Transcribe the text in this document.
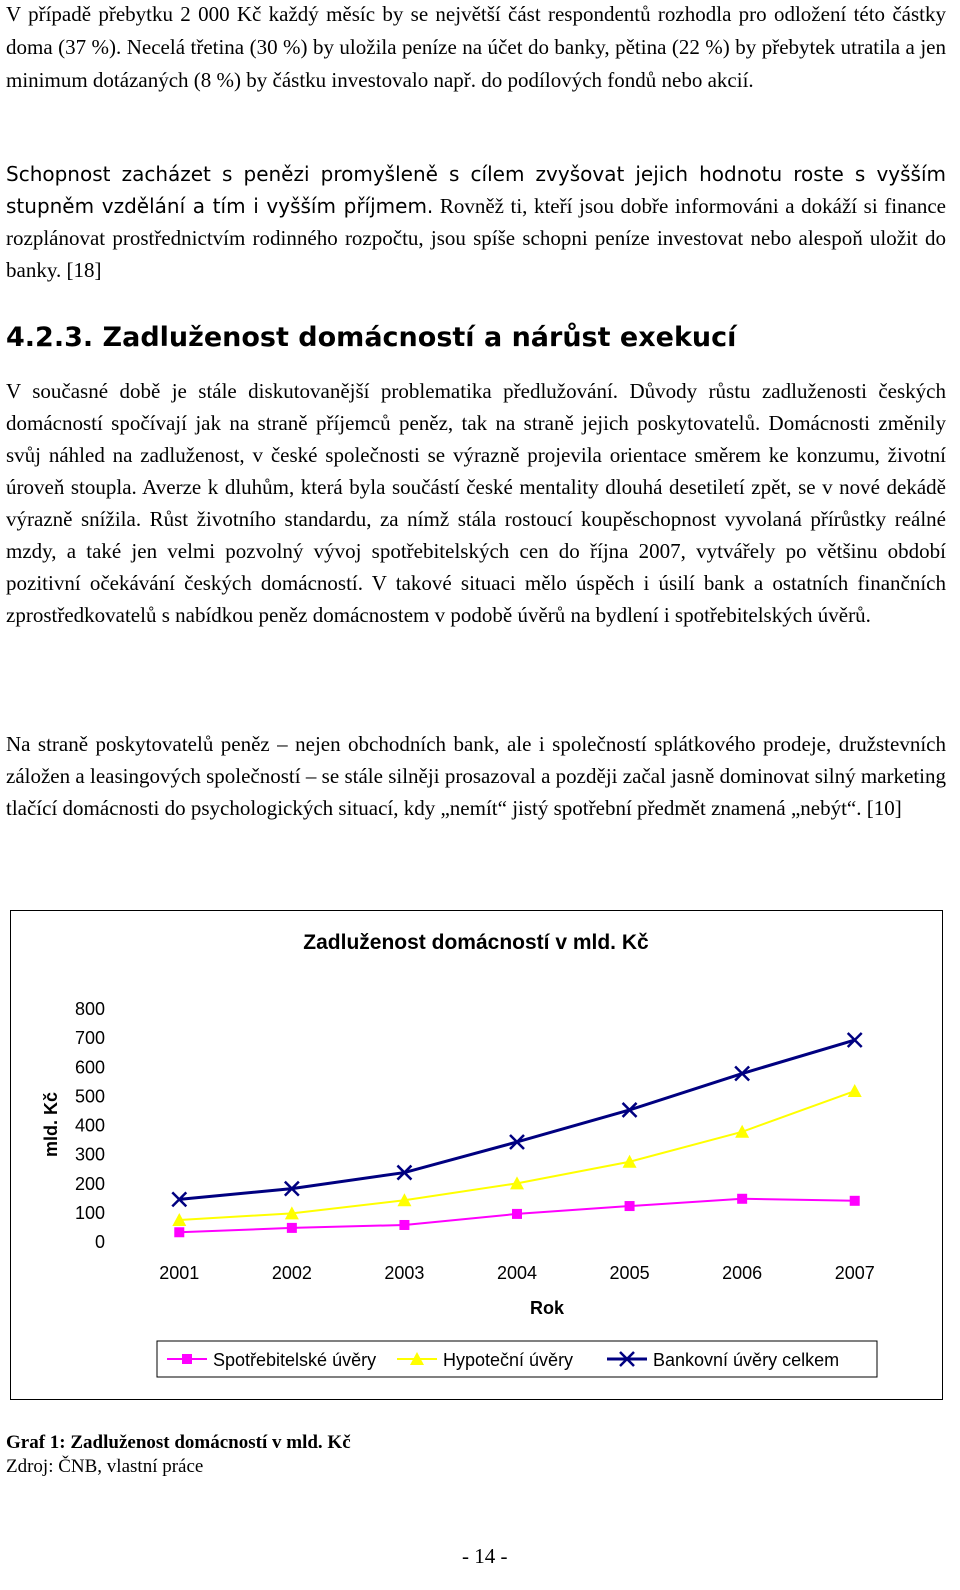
V případě přebytku 2 000 Kč každý měsíc by se největší část respondentů rozhodla pro odložení této částky doma (37 %). Necelá třetina (30 %) by uložila peníze na účet do banky, pětina (22 %) by přebytek utratila a jen minimum dotázaných (8 %) by částku investovalo např. do podílových fondů nebo akcií.
Schopnost zacházet s penězi promyšleně s cílem zvyšovat jejich hodnotu roste s vyšším stupněm vzdělání a tím i vyšším příjmem. Rovněž ti, kteří jsou dobře informováni a dokáží si finance rozplánovat prostřednictvím rodinného rozpočtu, jsou spíše schopni peníze investovat nebo alespoň uložit do banky. [18]
4.2.3. Zadluženost domácností a nárůst exekucí
V současné době je stále diskutovanější problematika předlužování. Důvody růstu zadluženosti českých domácností spočívají jak na straně příjemců peněz, tak na straně jejich poskytovatelů. Domácnosti změnily svůj náhled na zadluženost, v české společnosti se výrazně projevila orientace směrem ke konzumu, životní úroveň stoupla. Averze k dluhům, která byla součástí české mentality dlouhá desetiletí zpět, se v nové dekádě výrazně snížila. Růst životního standardu, za nímž stála rostoucí koupěschopnost vyvolaná přírůstky reálné mzdy, a také jen velmi pozvolný vývoj spotřebitelských cen do října 2007, vytvářely po většinu období pozitivní očekávání českých domácností. V takové situaci mělo úspěch i úsilí bank a ostatních finančních zprostředkovatelů s nabídkou peněz domácnostem v podobě úvěrů na bydlení i spotřebitelských úvěrů.
Na straně poskytovatelů peněz – nejen obchodních bank, ale i společností splátkového prodeje, družstevních záložen a leasingových společností – se stále silněji prosazoval a později začal jasně dominovat silný marketing tlačící domácnosti do psychologických situací, kdy „nemít“ jistý spotřební předmět znamená „nebýt“. [10]
Zadluženost domácností v mld. Kč
0
100
200
300
400
500
600
700
800
mld. Kč
2001	2002	2003	2004	2005	2006	2007
Rok
Spotřebitelské úvěry	Hypoteční úvěry	Bankovní úvěry celkem
Graf 1: Zadluženost domácností v mld. Kč
Zdroj: ČNB, vlastní práce
- 14 -
